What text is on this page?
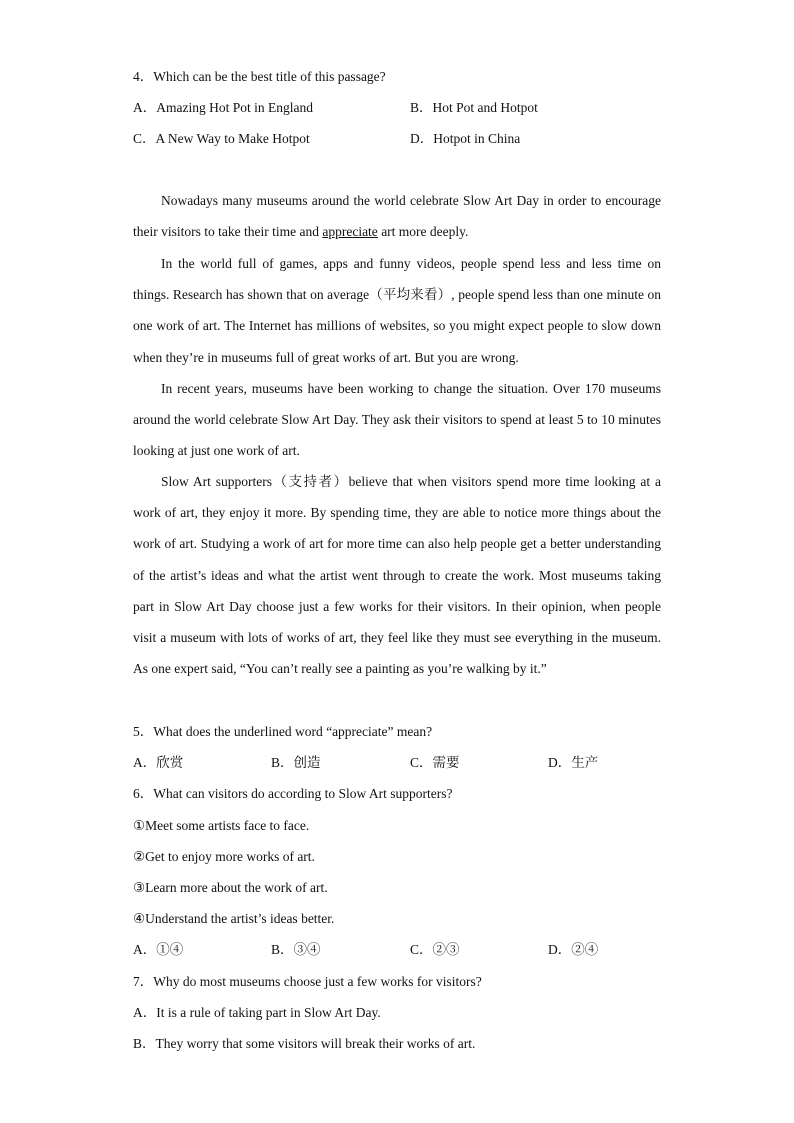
4．Which can be the best title of this passage?
A．Amazing Hot Pot in England	B．Hot Pot and Hotpot
C．A New Way to Make Hotpot	D．Hotpot in China
Nowadays many museums around the world celebrate Slow Art Day in order to encourage their visitors to take their time and appreciate art more deeply.
In the world full of games, apps and funny videos, people spend less and less time on things. Research has shown that on average（平均来看）, people spend less than one minute on one work of art. The Internet has millions of websites, so you might expect people to slow down when they’re in museums full of great works of art. But you are wrong.
In recent years, museums have been working to change the situation. Over 170 museums around the world celebrate Slow Art Day. They ask their visitors to spend at least 5 to 10 minutes looking at just one work of art.
Slow Art supporters（支持者）believe that when visitors spend more time looking at a work of art, they enjoy it more. By spending time, they are able to notice more things about the work of art. Studying a work of art for more time can also help people get a better understanding of the artist’s ideas and what the artist went through to create the work. Most museums taking part in Slow Art Day choose just a few works for their visitors. In their opinion, when people visit a museum with lots of works of art, they feel like they must see everything in the museum. As one expert said, “You can’t really see a painting as you’re walking by it.”
5．What does the underlined word “appreciate” mean?
A．欣赏	B．创造	C．需要	D．生产
6．What can visitors do according to Slow Art supporters?
①Meet some artists face to face.
②Get to enjoy more works of art.
③Learn more about the work of art.
④Understand the artist’s ideas better.
A．①④	B．③④	C．②③	D．②④
7．Why do most museums choose just a few works for visitors?
A．It is a rule of taking part in Slow Art Day.
B．They worry that some visitors will break their works of art.
